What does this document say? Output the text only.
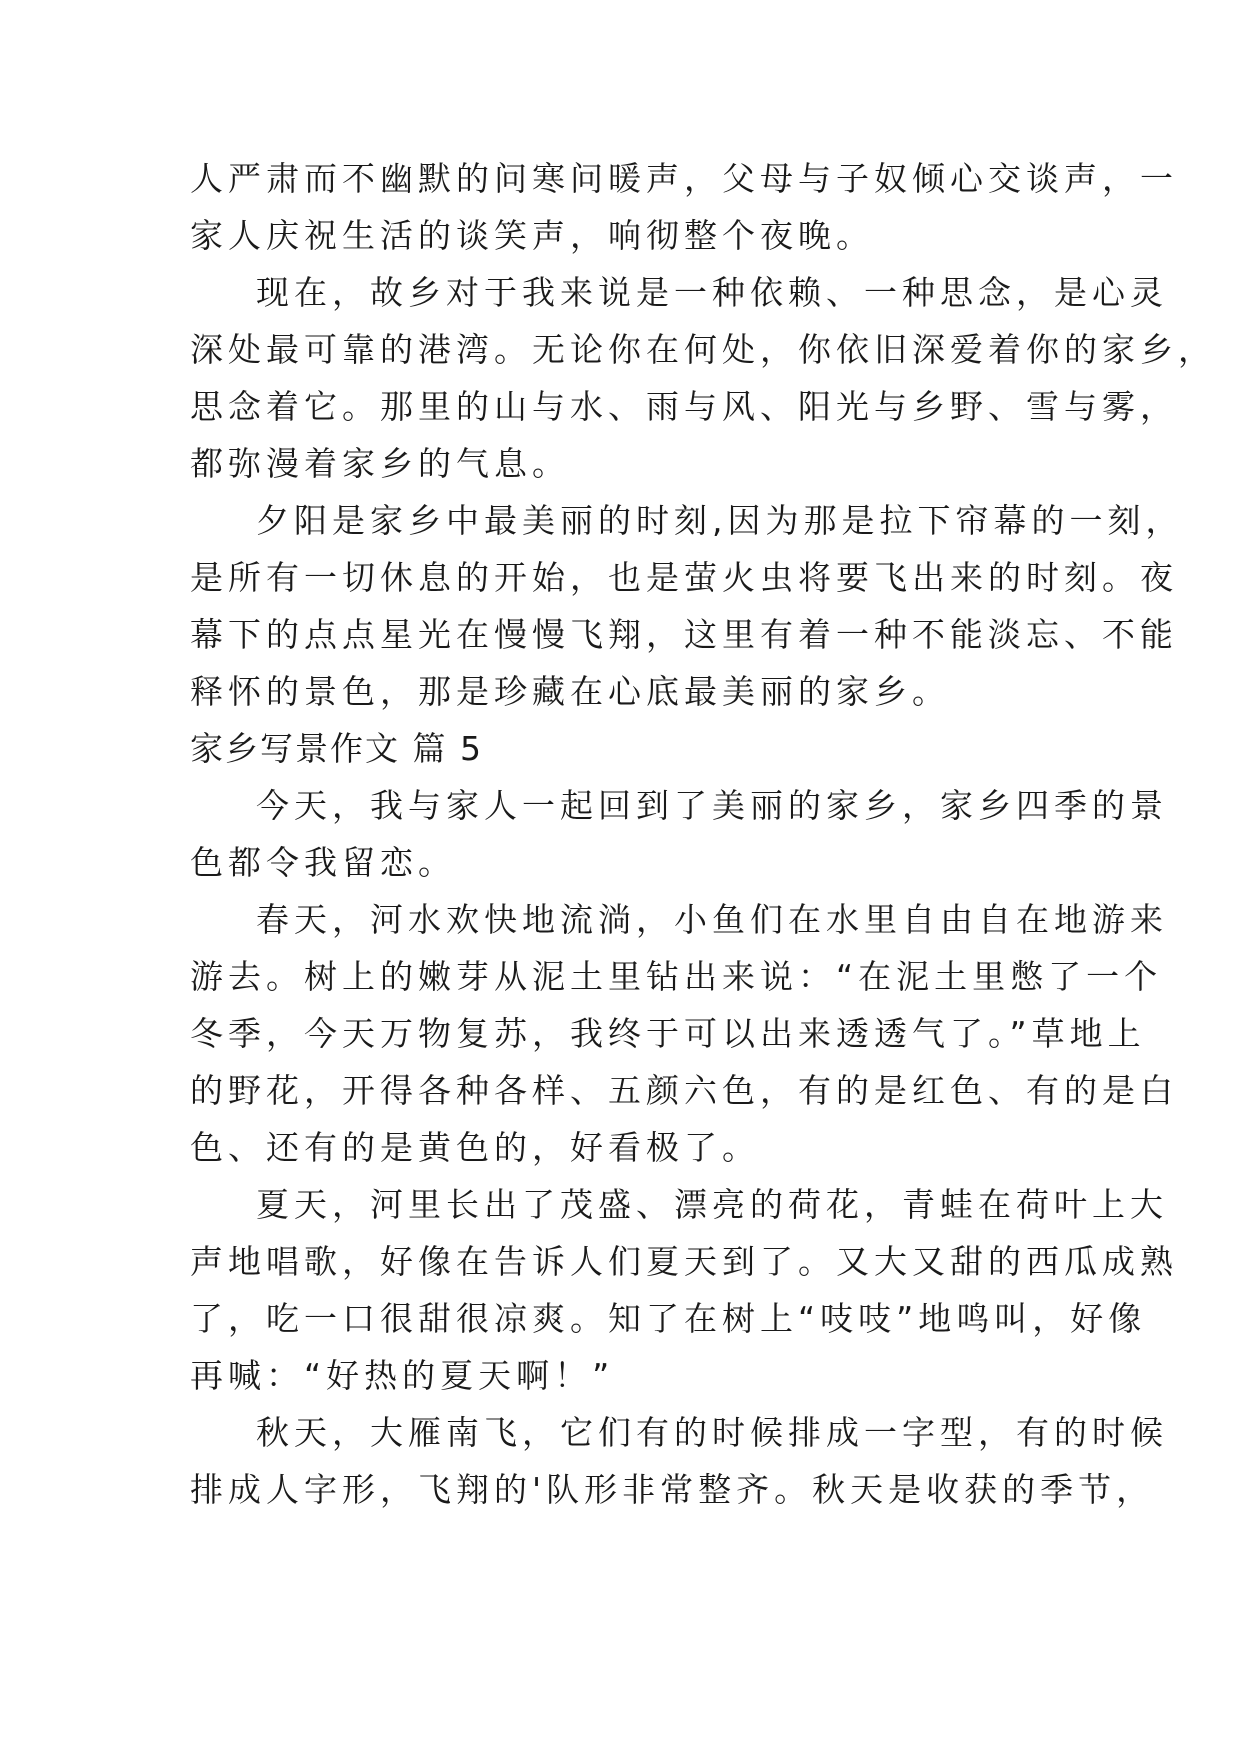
人严肃而不幽默的问寒问暖声，父母与子奴倾心交谈声，一
家人庆祝生活的谈笑声，响彻整个夜晚。
现在，故乡对于我来说是一种依赖、一种思念，是心灵
深处最可靠的港湾。无论你在何处，你依旧深爱着你的家乡，
思念着它。那里的山与水、雨与风、阳光与乡野、雪与雾，
都弥漫着家乡的气息。
夕阳是家乡中最美丽的时刻,因为那是拉下帘幕的一刻，
是所有一切休息的开始，也是萤火虫将要飞出来的时刻。夜
幕下的点点星光在慢慢飞翔，这里有着一种不能淡忘、不能
释怀的景色，那是珍藏在心底最美丽的家乡。
家乡写景作文 篇 5
今天，我与家人一起回到了美丽的家乡，家乡四季的景
色都令我留恋。
春天，河水欢快地流淌，小鱼们在水里自由自在地游来
游去。树上的嫩芽从泥土里钻出来说：“在泥土里憋了一个
冬季，今天万物复苏，我终于可以出来透透气了。”草地上
的野花，开得各种各样、五颜六色，有的是红色、有的是白
色、还有的是黄色的，好看极了。
夏天，河里长出了茂盛、漂亮的荷花，青蛙在荷叶上大
声地唱歌，好像在告诉人们夏天到了。又大又甜的西瓜成熟
了，吃一口很甜很凉爽。知了在树上“吱吱”地鸣叫，好像
再喊：“好热的夏天啊！”
秋天，大雁南飞，它们有的时候排成一字型，有的时候
排成人字形，飞翔的'队形非常整齐。秋天是收获的季节，
